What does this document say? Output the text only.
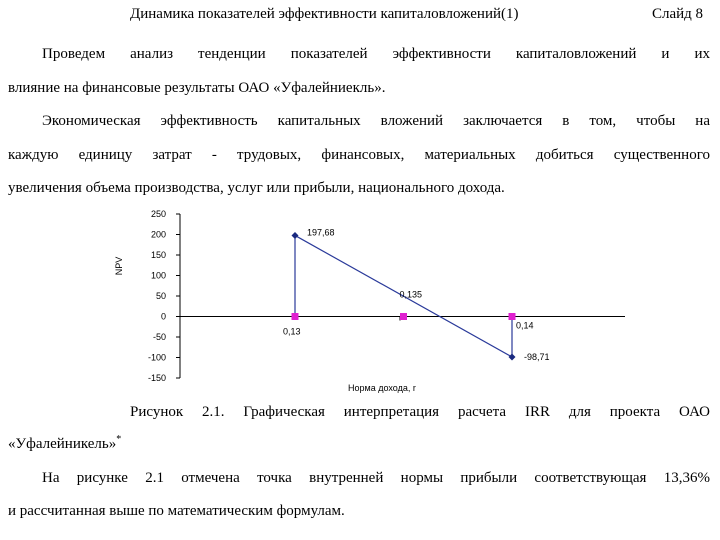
Динамика показателей эффективности капиталовложений(1)	Слайд 8
Проведем анализ тенденции показателей эффективности капиталовложений и их
влияние на финансовые результаты ОАО «Уфалейниекль».
Экономическая эффективность капитальных вложений заключается в том, чтобы на
каждую единицу затрат - трудовых, финансовых, материальных добиться существенного
увеличения объема производства, услуг или прибыли, национального дохода.
250
200
150
100
50
0
-50
-100
-150
NPV
Норма дохода, r
197,68
-98,71
0,13
0,135
0,14
Рисунок 2.1. Графическая интерпретация расчета IRR для проекта ОАО
«Уфалейникель»*
На рисунке 2.1 отмечена точка внутренней нормы прибыли соответствующая 13,36%
и рассчитанная выше по математическим формулам.
